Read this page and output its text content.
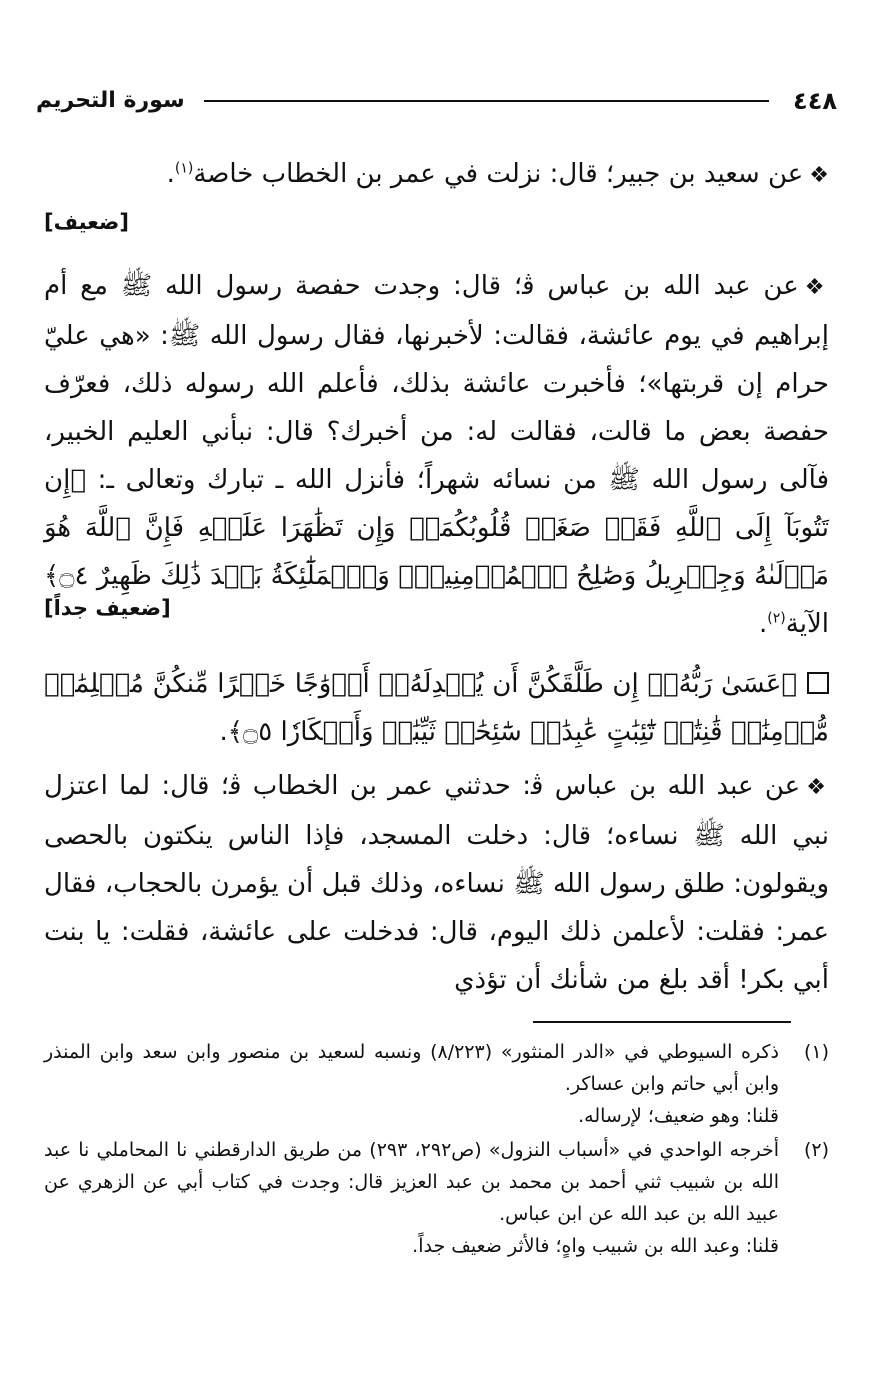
سورة التحريم	٤٤٨
❖عن سعيد بن جبير؛ قال: نزلت في عمر بن الخطاب خاصة$^{(١)}$.
[ضعيف]
❖عن عبد الله بن عباس ﭬ؛ قال: وجدت حفصة رسول الله ﷺ مع أم إبراهيم في يوم عائشة، فقالت: لأخبرنها، فقال رسول الله ﷺ: «هي عليّ حرام إن قربتها»؛ فأخبرت عائشة بذلك، فأعلم الله رسوله ذلك، فعرّف حفصة بعض ما قالت، فقالت له: من أخبرك؟ قال: نبأني العليم الخبير، فآلى رسول الله ﷺ من نسائه شهراً؛ فأنزل الله ـ تبارك وتعالى ـ: ﴿إِن تَتُوبَآ إِلَى ٱللَّهِ فَقَدۡ صَغَتۡ قُلُوبُكُمَاۖ وَإِن تَظَٰهَرَا عَلَيۡهِ فَإِنَّ ٱللَّهَ هُوَ مَوۡلَىٰهُ وَجِبۡرِيلُ وَصَٰلِحُ ٱلۡمُؤۡمِنِينَۖ وَٱلۡمَلَٰٓئِكَةُ بَعۡدَ ذَٰلِكَ ظَهِيرٌ ۝٤﴾ الآية$^{(٢)}$.
[ضعيف جداً]
﴿عَسَىٰ رَبُّهُۥٓ إِن طَلَّقَكُنَّ أَن يُبۡدِلَهُۥٓ أَزۡوَٰجًا خَيۡرًا مِّنكُنَّ مُسۡلِمَٰتٖ مُّؤۡمِنَٰتٖ قَٰنِتَٰتٖ تَٰٓئِبَٰتٍ عَٰبِدَٰتٖ سَٰٓئِحَٰتٖ ثَيِّبَٰتٖ وَأَبۡكَارٗا ۝٥﴾.
❖عن عبد الله بن عباس ﭬ: حدثني عمر بن الخطاب ﭬ؛ قال: لما اعتزل نبي الله ﷺ نساءه؛ قال: دخلت المسجد، فإذا الناس ينكتون بالحصى ويقولون: طلق رسول الله ﷺ نساءه، وذلك قبل أن يؤمرن بالحجاب، فقال عمر: فقلت: لأعلمن ذلك اليوم، قال: فدخلت على عائشة، فقلت: يا بنت أبي بكر! أقد بلغ من شأنك أن تؤذي
(١)
ذكره السيوطي في «الدر المنثور» (٨/٢٢٣) ونسبه لسعيد بن منصور وابن سعد وابن المنذر وابن أبي حاتم وابن عساكر.
قلنا: وهو ضعيف؛ لإرساله.
(٢)
أخرجه الواحدي في «أسباب النزول» (ص٢٩٢، ٢٩٣) من طريق الدارقطني نا المحاملي نا عبد الله بن شبيب ثني أحمد بن محمد بن عبد العزيز قال: وجدت في كتاب أبي عن الزهري عن عبيد الله بن عبد الله عن ابن عباس.
قلنا: وعبد الله بن شبيب واهٍ؛ فالأثر ضعيف جداً.
